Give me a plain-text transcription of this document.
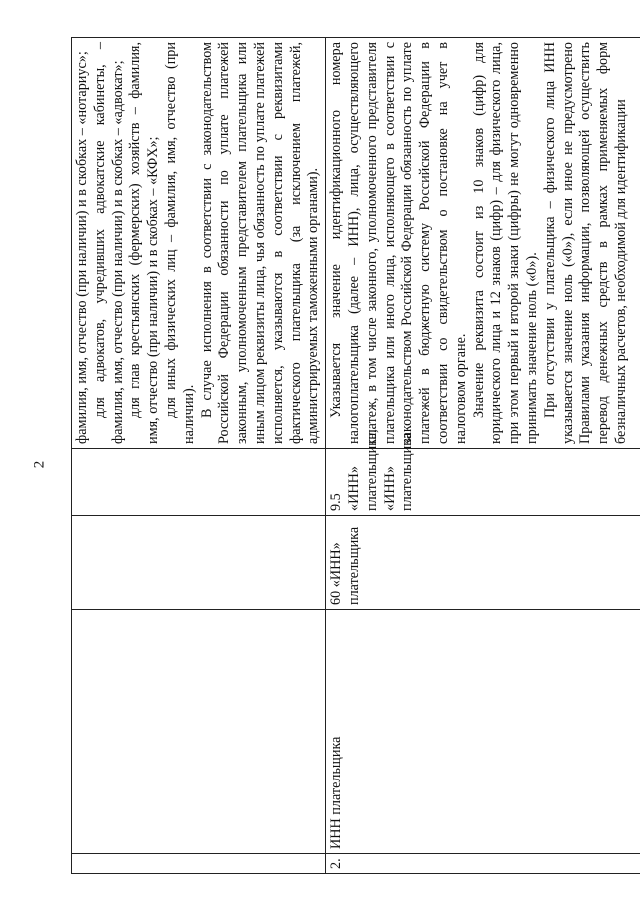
2

				фамилия, имя, отчество (при наличии) и в скобках – «нотариус»; для адвокатов, учредивших адвокатские кабинеты, – фамилия, имя, отчество (при наличии) и в скобках – «адвокат»; для глав крестьянских (фермерских) хозяйств – фамилия, имя, отчество (при наличии) и в скобках – «КФХ»; для иных физических лиц – фамилия, имя, отчество (при наличии). В случае исполнения в соответствии с законодательством Российской Федерации обязанности по уплате платежей законным, уполномоченным представителем плательщика или иным лицом реквизиты лица, чья обязанность по уплате платежей исполняется, указываются в соответствии с реквизитами фактического плательщика (за исключением платежей, администрируемых таможенными органами).

2.	ИНН плательщика	60 «ИНН» плательщика	9.5 «ИНН» плательщика, «ИНН» плательщика	Указывается значение идентификационного номера налогоплательщика (далее – ИНН), лица, осуществляющего платеж, в том числе законного, уполномоченного представителя плательщика или иного лица, исполняющего в соответствии с законодательством Российской Федерации обязанность по уплате платежей в бюджетную систему Российской Федерации в соответствии со свидетельством о постановке на учет в налоговом органе. Значение реквизита состоит из 10 знаков (цифр) для юридического лица и 12 знаков (цифр) – для физического лица, при этом первый и второй знаки (цифры) не могут одновременно принимать значение ноль («0»). При отсутствии у плательщика – физического лица ИНН указывается значение ноль («0»), если иное не предусмотрено Правилами указания информации, позволяющей осуществить перевод денежных средств в рамках применяемых форм безналичных расчетов, необходимой для идентификации
